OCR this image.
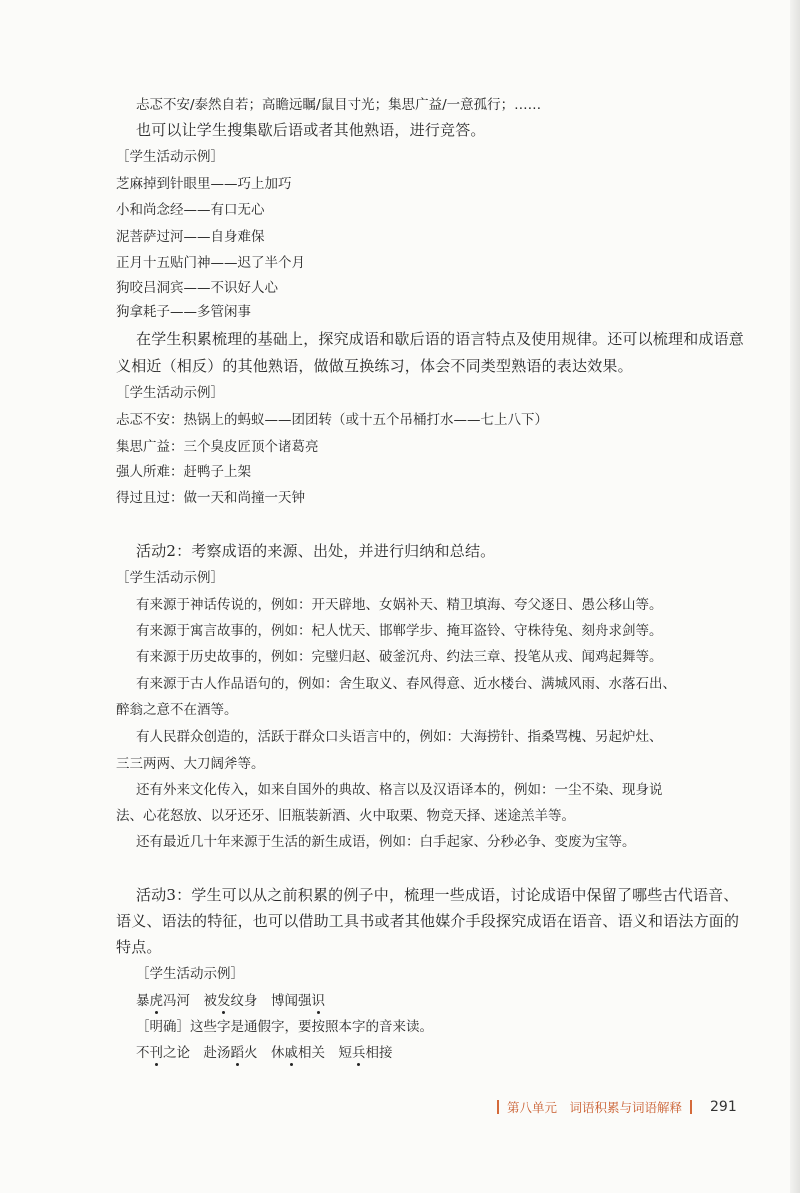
忐忑不安/泰然自若；高瞻远瞩/鼠目寸光；集思广益/一意孤行；……
也可以让学生搜集歇后语或者其他熟语，进行竞答。
［学生活动示例］
芝麻掉到针眼里——巧上加巧
小和尚念经——有口无心
泥菩萨过河——自身难保
正月十五贴门神——迟了半个月
狗咬吕洞宾——不识好人心
狗拿耗子——多管闲事
在学生积累梳理的基础上，探究成语和歇后语的语言特点及使用规律。还可以梳理和成语意
义相近（相反）的其他熟语，做做互换练习，体会不同类型熟语的表达效果。
［学生活动示例］
忐忑不安：热锅上的蚂蚁——团团转（或十五个吊桶打水——七上八下）
集思广益：三个臭皮匠顶个诸葛亮
强人所难：赶鸭子上架
得过且过：做一天和尚撞一天钟
活动2：考察成语的来源、出处，并进行归纳和总结。
［学生活动示例］
有来源于神话传说的，例如：开天辟地、女娲补天、精卫填海、夸父逐日、愚公移山等。
有来源于寓言故事的，例如：杞人忧天、邯郸学步、掩耳盗铃、守株待兔、刻舟求剑等。
有来源于历史故事的，例如：完璧归赵、破釜沉舟、约法三章、投笔从戎、闻鸡起舞等。
有来源于古人作品语句的，例如：舍生取义、春风得意、近水楼台、满城风雨、水落石出、
醉翁之意不在酒等。
有人民群众创造的，活跃于群众口头语言中的，例如：大海捞针、指桑骂槐、另起炉灶、
三三两两、大刀阔斧等。
还有外来文化传入，如来自国外的典故、格言以及汉语译本的，例如：一尘不染、现身说
法、心花怒放、以牙还牙、旧瓶装新酒、火中取栗、物竞天择、迷途羔羊等。
还有最近几十年来源于生活的新生成语，例如：白手起家、分秒必争、变废为宝等。
活动3：学生可以从之前积累的例子中，梳理一些成语，讨论成语中保留了哪些古代语音、
语义、语法的特征，也可以借助工具书或者其他媒介手段探究成语在语音、语义和语法方面的
特点。
［学生活动示例］
暴虎冯河　 被发纹身　 博闻强识
［明确］这些字是通假字，要按照本字的音来读。
不刊之论　 赴汤蹈火　 休戚相关　 短兵相接
第八单元　词语积累与词语解释 291
